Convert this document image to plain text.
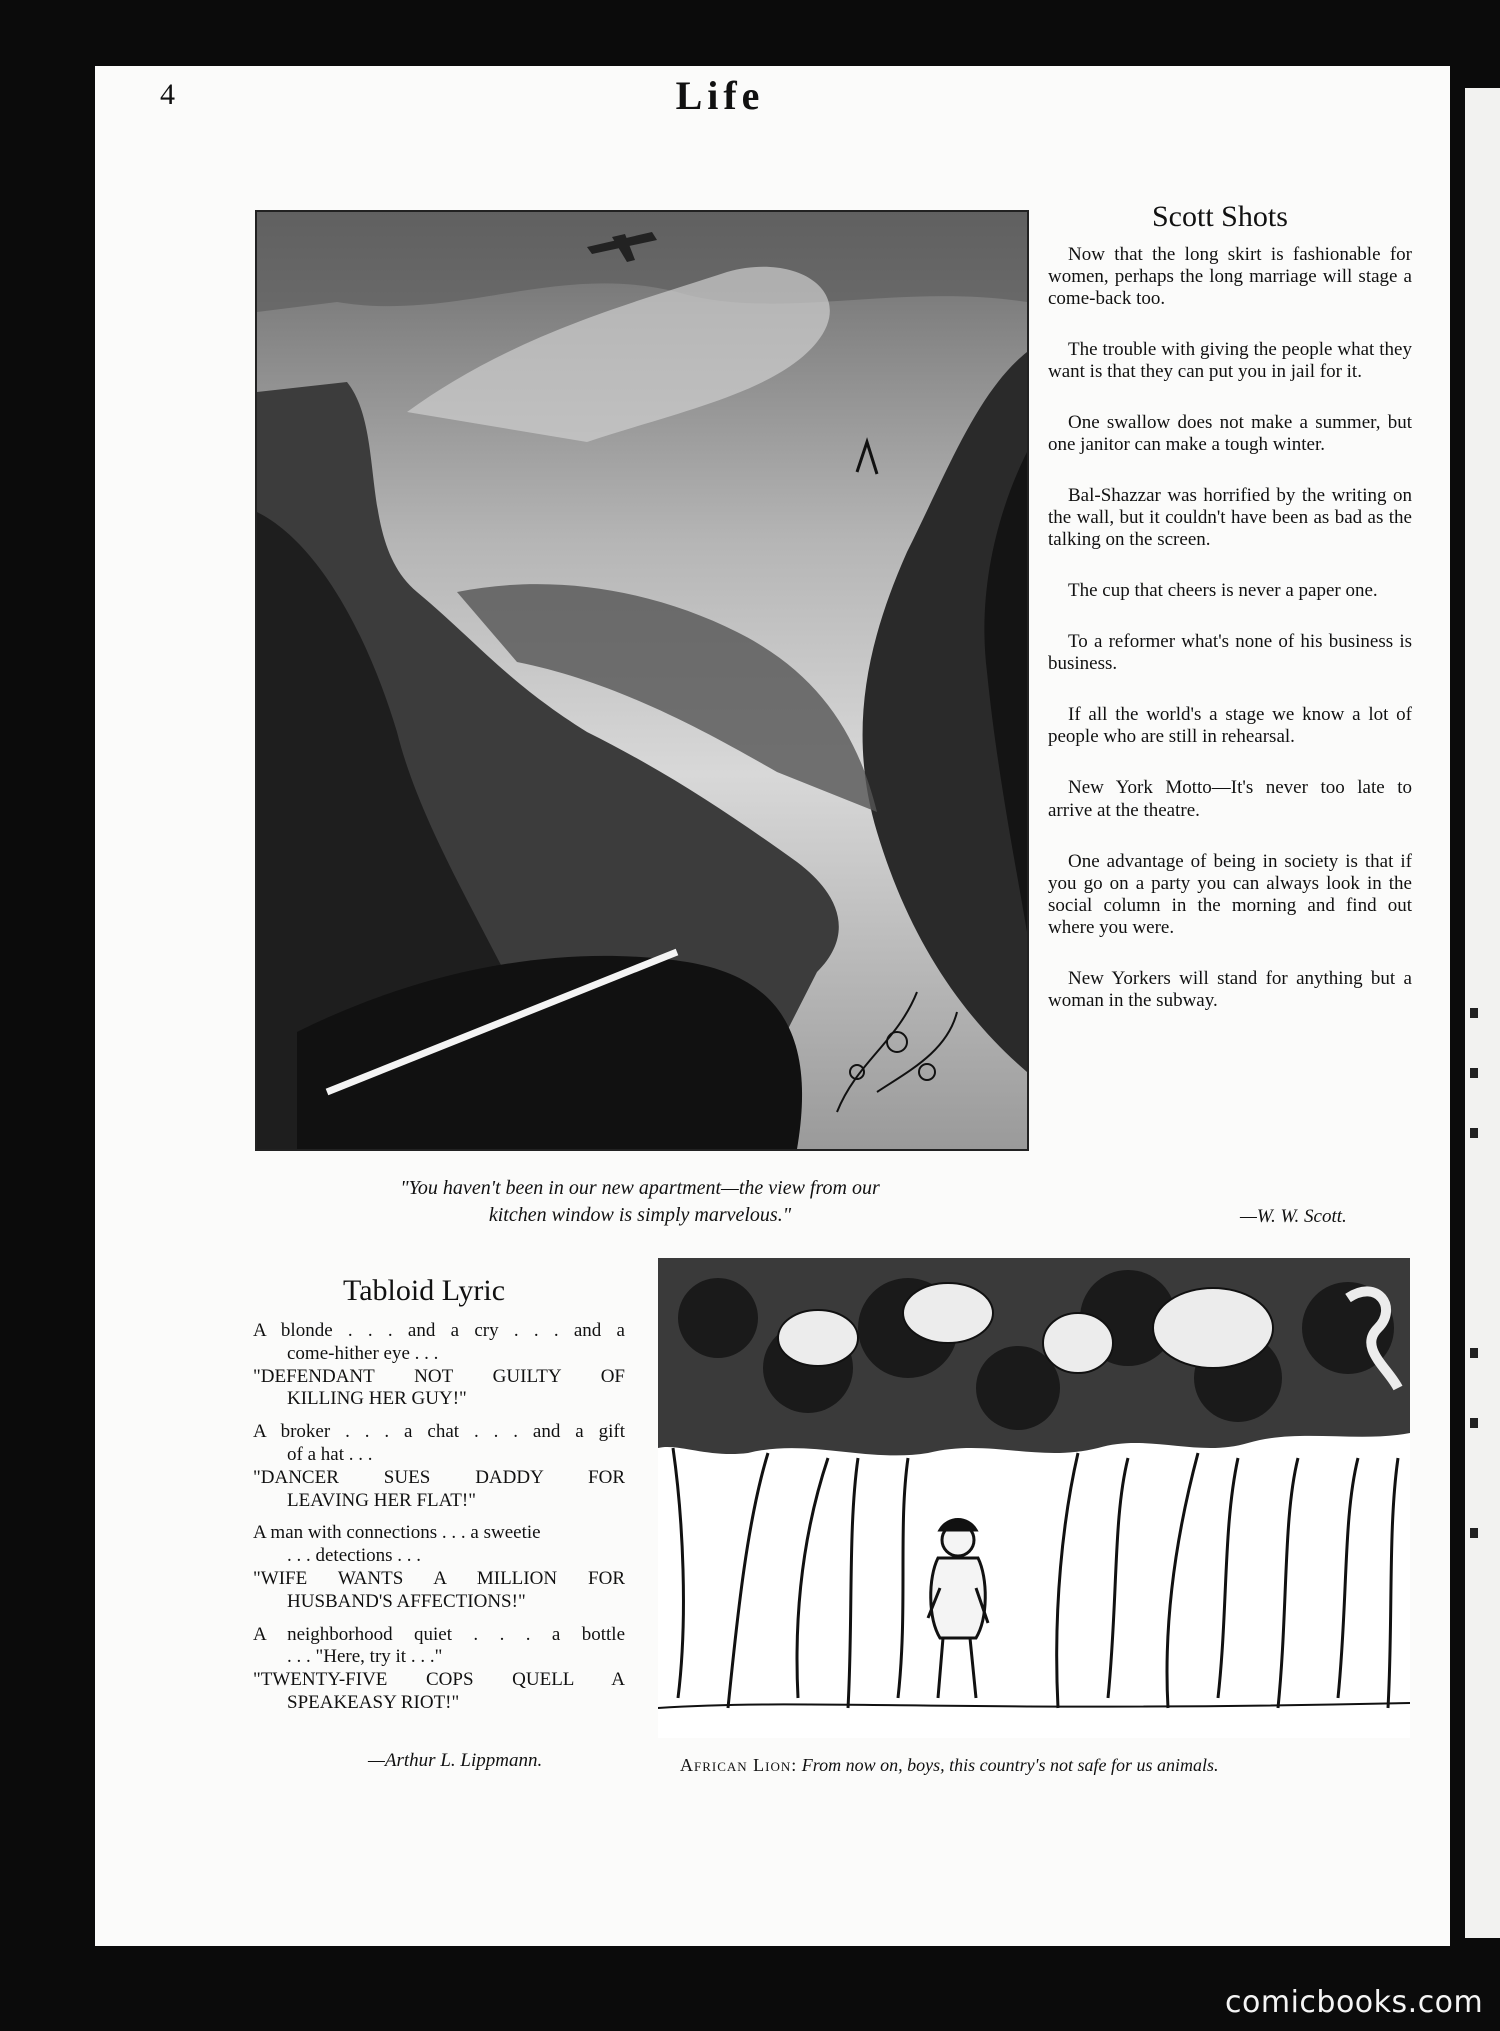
4	Life
"You haven't been in our new apartment—the view from our
kitchen window is simply marvelous."
Scott Shots

Now that the long skirt is fashionable for women, perhaps the long marriage will stage a come-back too.

The trouble with giving the people what they want is that they can put you in jail for it.

One swallow does not make a summer, but one janitor can make a tough winter.

Bal-Shazzar was horrified by the writing on the wall, but it couldn't have been as bad as the talking on the screen.

The cup that cheers is never a paper one.

To a reformer what's none of his business is business.

If all the world's a stage we know a lot of people who are still in rehearsal.

New York Motto—It's never too late to arrive at the theatre.

One advantage of being in society is that if you go on a party you can always look in the social column in the morning and find out where you were.

New Yorkers will stand for anything but a woman in the subway.

—W. W. Scott.
Tabloid Lyric
A blonde . . . and a cry . . . and a
come-hither eye . . .
"DEFENDANT NOT GUILTY OF
KILLING HER GUY!"
A broker . . . a chat . . . and a gift
of a hat . . .
"DANCER SUES DADDY FOR
LEAVING HER FLAT!"
A man with connections . . . a sweetie
. . . detections . . .
"WIFE WANTS A MILLION FOR
HUSBAND'S AFFECTIONS!"
A neighborhood quiet . . . a bottle
. . . "Here, try it . . ."
"TWENTY-FIVE COPS QUELL A
SPEAKEASY RIOT!"
—Arthur L. Lippmann.	African Lion: From now on, boys, this country's not safe for us animals.
comicbooks.com
